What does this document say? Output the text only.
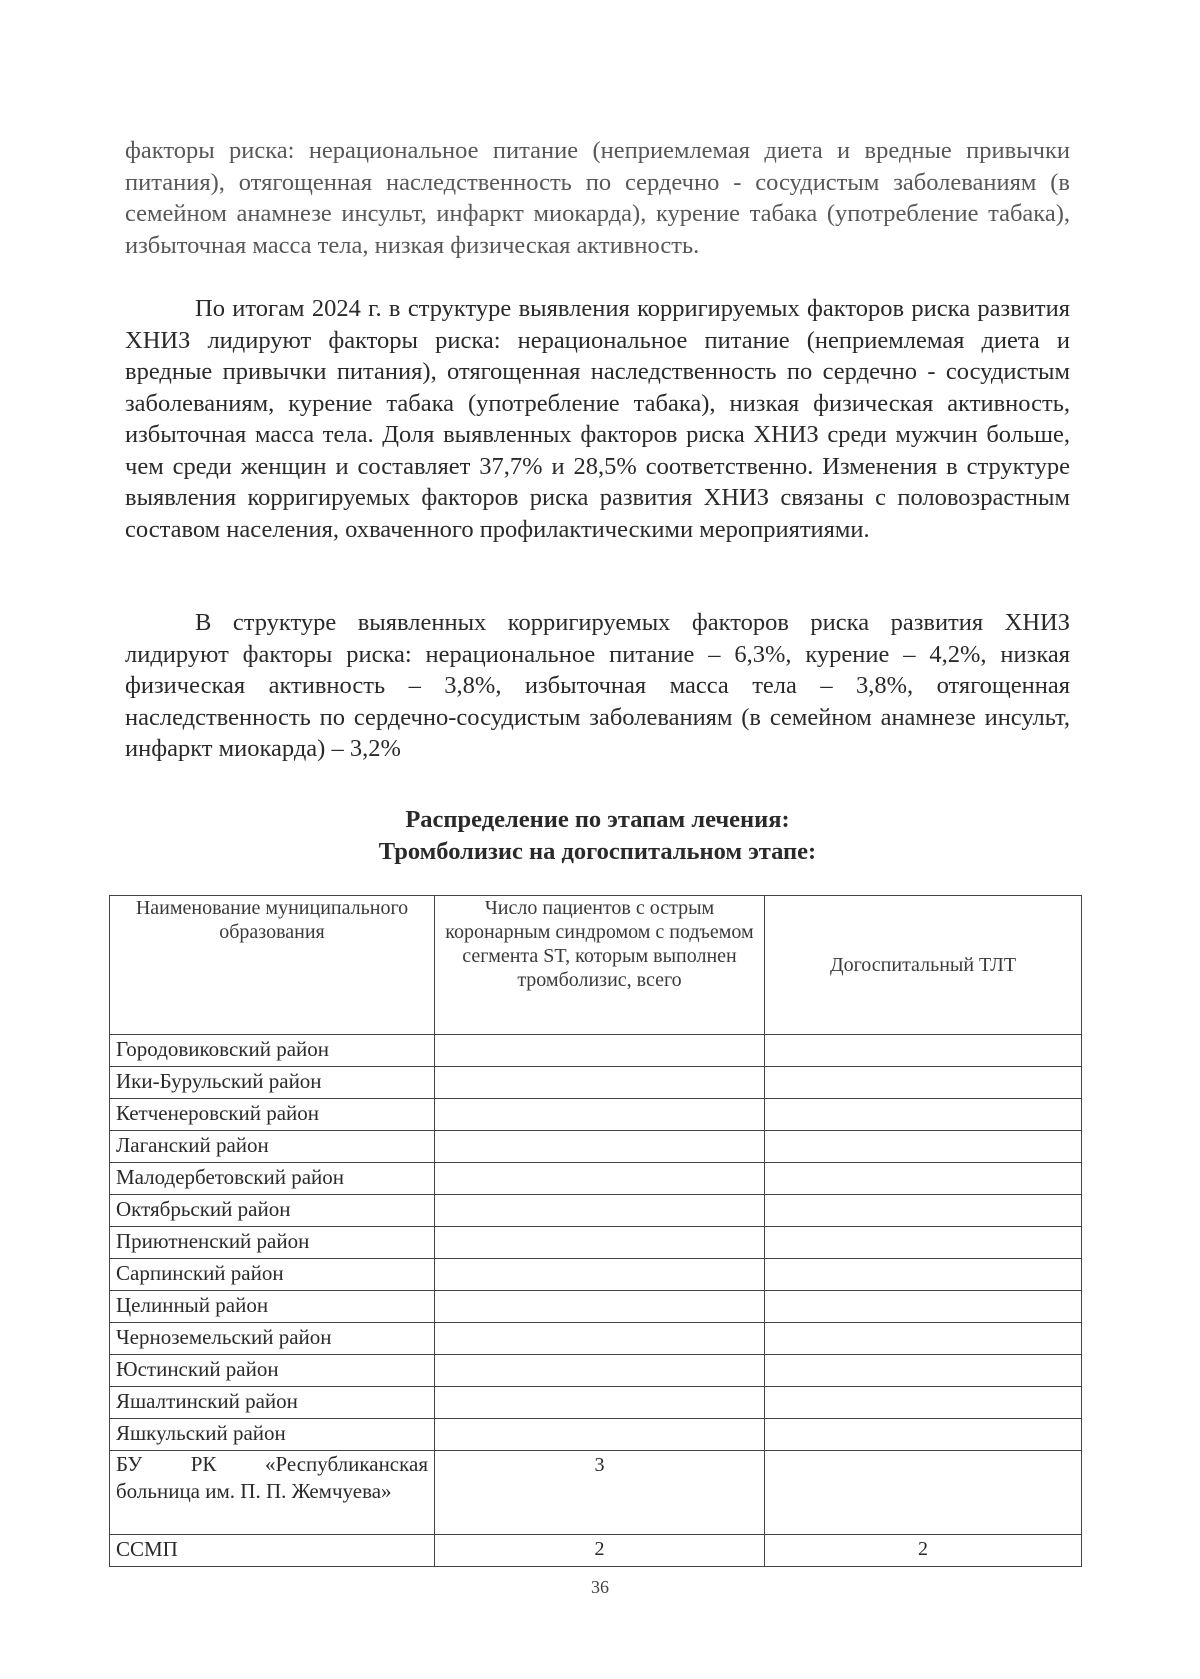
факторы риска: нерациональное питание (неприемлемая диета и вредные привычки питания), отягощенная наследственность по сердечно - сосудистым заболеваниям (в семейном анамнезе инсульт, инфаркт миокарда), курение табака (употребление табака), избыточная масса тела, низкая физическая активность.

По итогам 2024 г. в структуре выявления корригируемых факторов риска развития ХНИЗ лидируют факторы риска: нерациональное питание (неприемлемая диета и вредные привычки питания), отягощенная наследственность по сердечно - сосудистым заболеваниям, курение табака (употребление табака), низкая физическая активность, избыточная масса тела. Доля выявленных факторов риска ХНИЗ среди мужчин больше, чем среди женщин и составляет 37,7% и 28,5% соответственно. Изменения в структуре выявления корригируемых факторов риска развития ХНИЗ связаны с половозрастным составом населения, охваченного профилактическими мероприятиями.

В структуре выявленных корригируемых факторов риска развития ХНИЗ лидируют факторы риска: нерациональное питание – 6,3%, курение – 4,2%, низкая физическая активность – 3,8%, избыточная масса тела – 3,8%, отягощенная наследственность по сердечно-сосудистым заболеваниям (в семейном анамнезе инсульт, инфаркт миокарда) – 3,2%

Распределение по этапам лечения:
Тромболизис на догоспитальном этапе:
Наименование муниципального образования	Число пациентов с острым коронарным синдромом с подъемом сегмента ST, которым выполнен тромболизис, всего	Догоспитальный ТЛТ
Городовиковский район		
Ики-Бурульский район		
Кетченеровский район		
Лаганский район		
Малодербетовский район		
Октябрьский район		
Приютненский район		
Сарпинский район		
Целинный район		
Черноземельский район		
Юстинский район		
Яшалтинский район		
Яшкульский район		
БУ РК «Республиканская больница им. П. П. Жемчуева»	3	
ССМП	2	2
36
